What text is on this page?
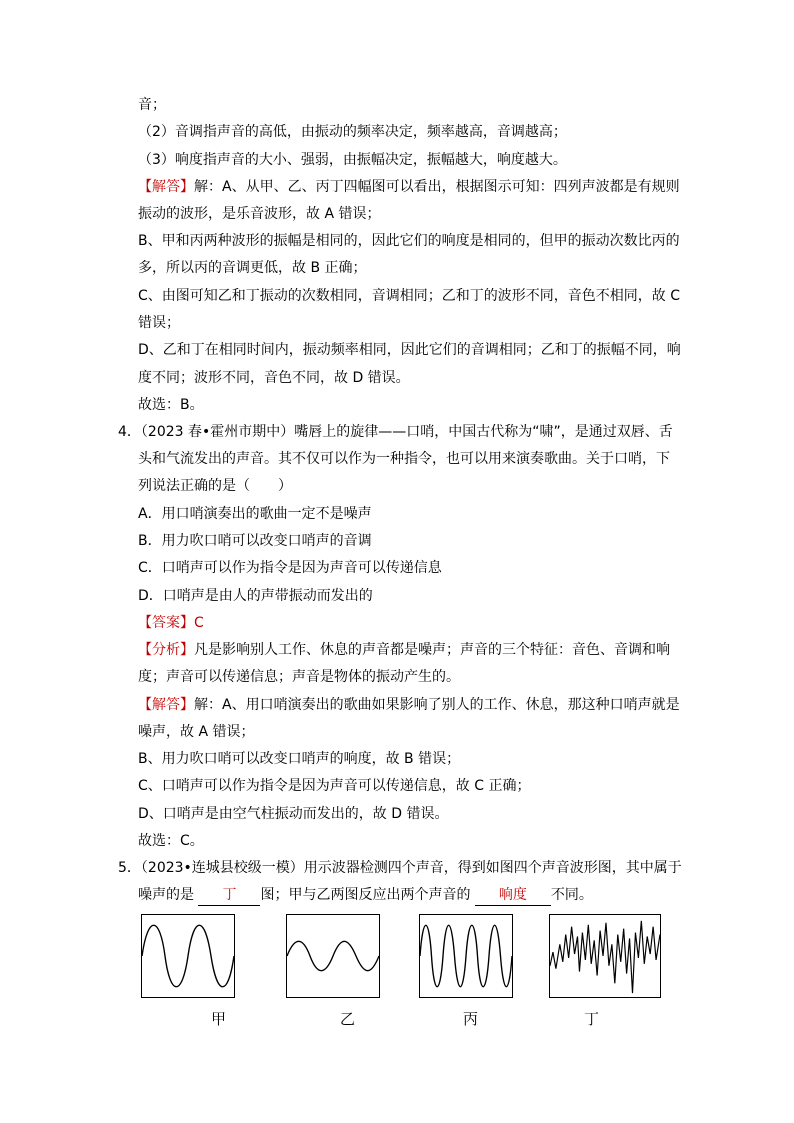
音；
（2）音调指声音的高低，由振动的频率决定，频率越高，音调越高；
（3）响度指声音的大小、强弱，由振幅决定，振幅越大，响度越大。
【解答】解：A、从甲、乙、丙丁四幅图可以看出，根据图示可知：四列声波都是有规则
振动的波形，是乐音波形，故 A 错误；
B、甲和丙两种波形的振幅是相同的，因此它们的响度是相同的，但甲的振动次数比丙的
多，所以丙的音调更低，故 B 正确；
C、由图可知乙和丁振动的次数相同，音调相同；乙和丁的波形不同，音色不相同，故 C
错误；
D、乙和丁在相同时间内，振动频率相同，因此它们的音调相同；乙和丁的振幅不同，响
度不同；波形不同，音色不同，故 D 错误。
故选：B。
4．（2023 春•霍州市期中）嘴唇上的旋律——口哨，中国古代称为“啸”，是通过双唇、舌
头和气流发出的声音。其不仅可以作为一种指令，也可以用来演奏歌曲。关于口哨，下
列说法正确的是（　　）
A．用口哨演奏出的歌曲一定不是噪声
B．用力吹口哨可以改变口哨声的音调
C．口哨声可以作为指令是因为声音可以传递信息
D．口哨声是由人的声带振动而发出的
【答案】C
【分析】凡是影响别人工作、休息的声音都是噪声；声音的三个特征：音色、音调和响
度；声音可以传递信息；声音是物体的振动产生的。
【解答】解：A、用口哨演奏出的歌曲如果影响了别人的工作、休息，那这种口哨声就是
噪声，故 A 错误；
B、用力吹口哨可以改变口哨声的响度，故 B 错误；
C、口哨声可以作为指令是因为声音可以传递信息，故 C 正确；
D、口哨声是由空气柱振动而发出的，故 D 错误。
故选：C。
5．（2023•连城县校级一模）用示波器检测四个声音，得到如图四个声音波形图，其中属于
噪声的是 丁 图；甲与乙两图反应出两个声音的 响度 不同。
甲	乙	丙	丁
